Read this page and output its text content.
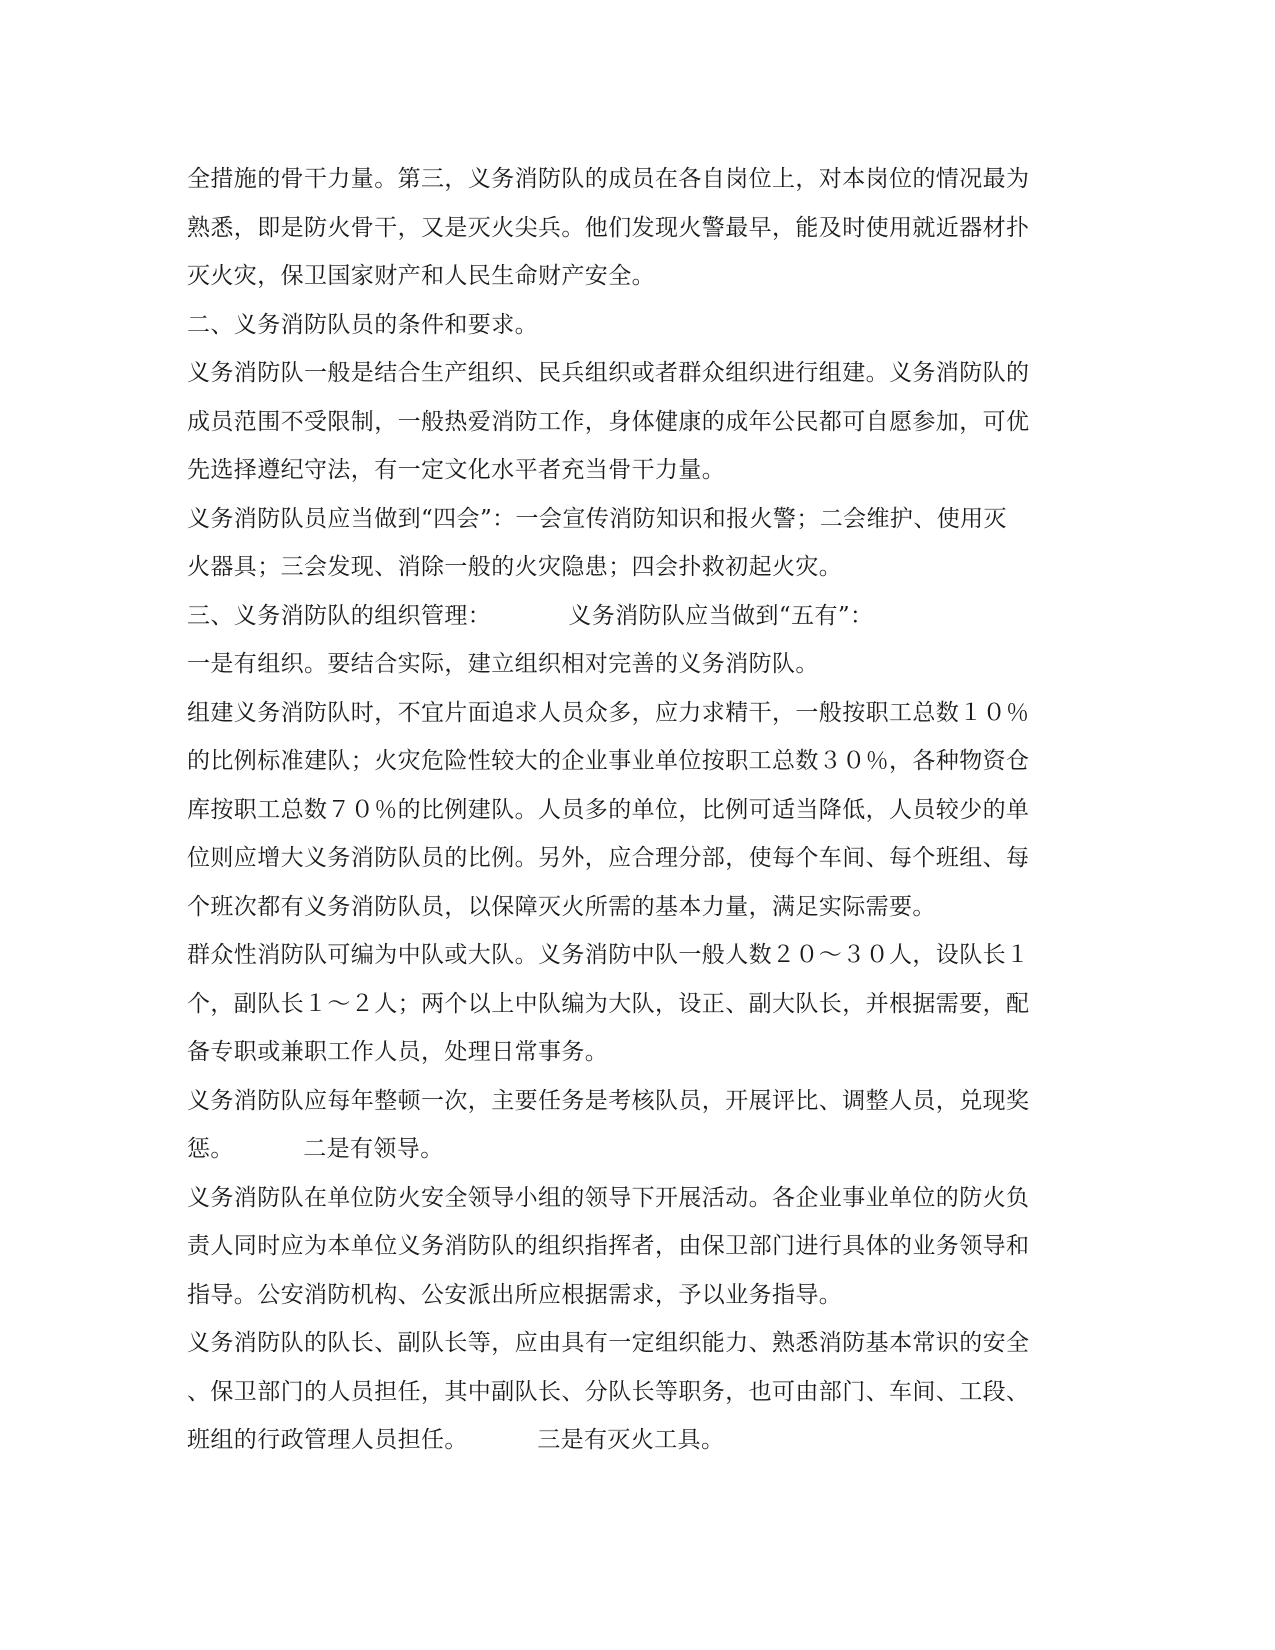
全措施的骨干力量。第三，义务消防队的成员在各自岗位上，对本岗位的情况最为
熟悉，即是防火骨干，又是灭火尖兵。他们发现火警最早，能及时使用就近器材扑
灭火灾，保卫国家财产和人民生命财产安全。
二、义务消防队员的条件和要求。
义务消防队一般是结合生产组织、民兵组织或者群众组织进行组建。义务消防队的
成员范围不受限制，一般热爱消防工作，身体健康的成年公民都可自愿参加，可优
先选择遵纪守法，有一定文化水平者充当骨干力量。
义务消防队员应当做到“四会”：一会宣传消防知识和报火警；二会维护、使用灭
火器具；三会发现、消除一般的火灾隐患；四会扑救初起火灾。
三、义务消防队的组织管理：          义务消防队应当做到“五有”：
一是有组织。要结合实际，建立组织相对完善的义务消防队。
组建义务消防队时，不宜片面追求人员众多，应力求精干，一般按职工总数１０％
的比例标准建队；火灾危险性较大的企业事业单位按职工总数３０％，各种物资仓
库按职工总数７０％的比例建队。人员多的单位，比例可适当降低，人员较少的单
位则应增大义务消防队员的比例。另外，应合理分部，使每个车间、每个班组、每
个班次都有义务消防队员，以保障灭火所需的基本力量，满足实际需要。
群众性消防队可编为中队或大队。义务消防中队一般人数２０～３０人，设队长１
个，副队长１～２人；两个以上中队编为大队，设正、副大队长，并根据需要，配
备专职或兼职工作人员，处理日常事务。
义务消防队应每年整顿一次，主要任务是考核队员，开展评比、调整人员，兑现奖
惩。         二是有领导。
义务消防队在单位防火安全领导小组的领导下开展活动。各企业事业单位的防火负
责人同时应为本单位义务消防队的组织指挥者，由保卫部门进行具体的业务领导和
指导。公安消防机构、公安派出所应根据需求，予以业务指导。
义务消防队的队长、副队长等，应由具有一定组织能力、熟悉消防基本常识的安全
、保卫部门的人员担任，其中副队长、分队长等职务，也可由部门、车间、工段、
班组的行政管理人员担任。         三是有灭火工具。
